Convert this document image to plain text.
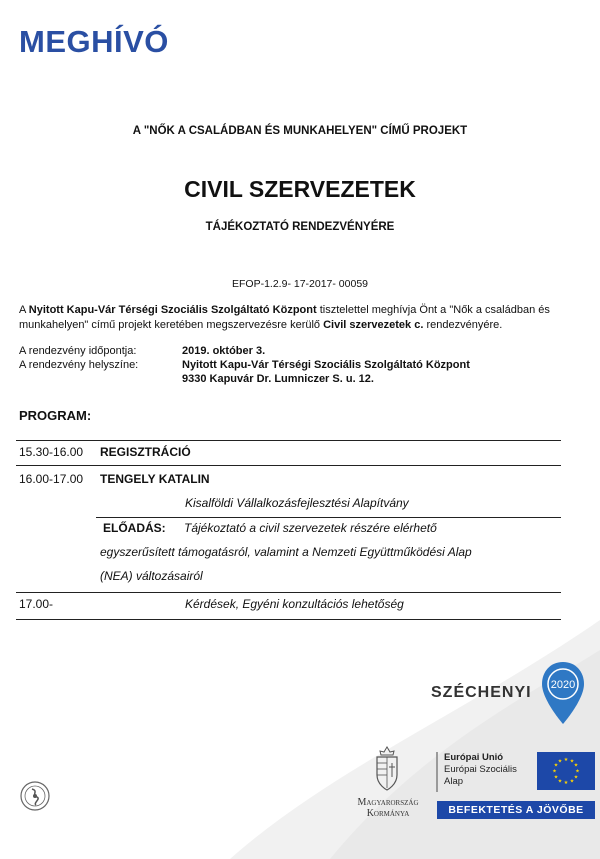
MEGHÍVÓ
A "NŐK A CSALÁDBAN ÉS MUNKAHELYEN" CÍMŰ PROJEKT
CIVIL SZERVEZETEK
TÁJÉKOZTATÓ RENDEZVÉNYÉRE
EFOP-1.2.9- 17-2017- 00059
A Nyitott Kapu-Vár Térségi Szociális Szolgáltató Központ tisztelettel meghívja Önt a "Nők a családban és munkahelyen" című projekt keretében megszervezésre kerülő Civil szervezetek c. rendezvényére.
A rendezvény időpontja:	2019. október 3.
A rendezvény helyszíne:	Nyitott Kapu-Vár Térségi Szociális Szolgáltató Központ
9330 Kapuvár Dr. Lumniczer S. u. 12.
PROGRAM:
15.30-16.00 REGISZTRÁCIÓ
16.00-17.00 TENGELY KATALIN
Kisalföldi Vállalkozásfejlesztési Alapítvány
ELŐADÁS: Tájékoztató a civil szervezetek részére elérhető
egyszerűsített támogatásról, valamint a Nemzeti Együttműködési Alap
(NEA) változásairól
17.00-	Kérdések, Egyéni konzultációs lehetőség
SZÉCHENYI 2020
Magyarország
Kormánya
Európai Unió
Európai Szociális
Alap
★ ★
★
★
★
★
★
★
★
★
★
★
BEFEKTETÉS A JÖVŐBE
